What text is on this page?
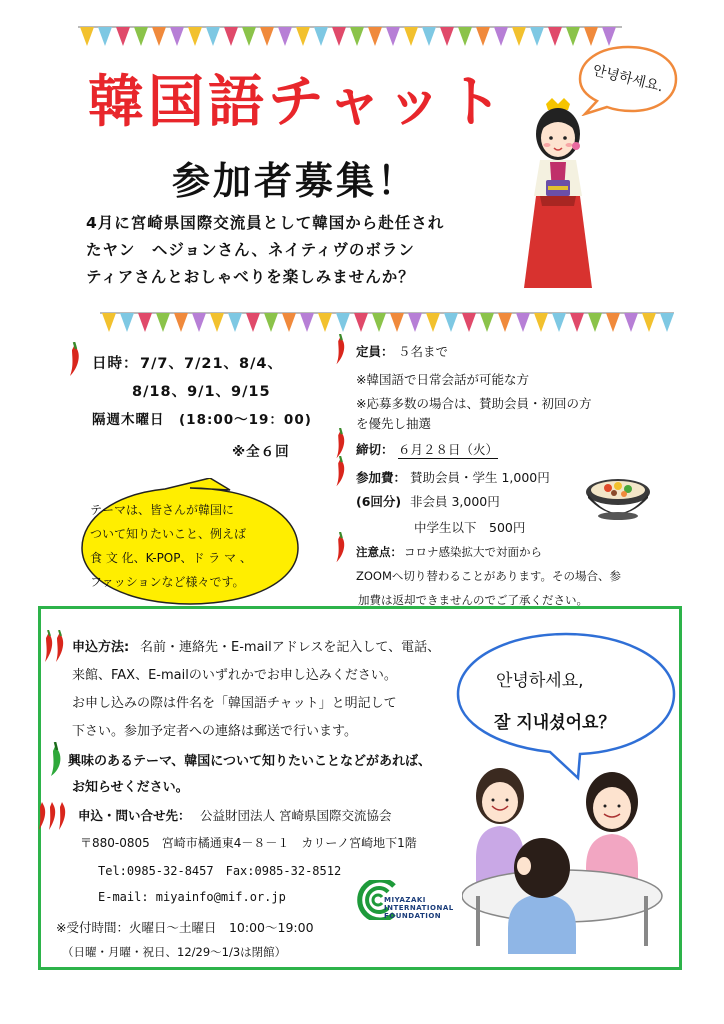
韓国語チャット
参加者募集！
4月に宮崎県国際交流員として韓国から赴任され
たヤン　ヘジョンさん、ネイティヴのボラン
ティアさんとおしゃべりを楽しみませんか？
안녕하세요.
日時： 7/7、7/21、8/4、
8/18、9/1、9/15
隔週木曜日　(18:00～19：00)
※全６回
テーマは、皆さんが韓国に
ついて知りたいこと、例えば
食 文 化、K-POP、ド ラ マ 、
ファッションなど様々です。
定員： ５名まで
※韓国語で日常会話が可能な方
※応募多数の場合は、賛助会員・初回の方
を優先し抽選
締切： ６月２８日（火）
参加費： 賛助会員・学生 1,000円
(6回分) 非会員 3,000円
中学生以下　500円
注意点： コロナ感染拡大で対面から
ZOOMへ切り替わることがあります。その場合、参
加費は返却できませんのでご了承ください。
申込方法: 名前・連絡先・E-mailアドレスを記入して、電話、
来館、FAX、E-mailのいずれかでお申し込みください。
お申し込みの際は件名を「韓国語チャット」と明記して
下さい。参加予定者への連絡は郵送で行います。
興味のあるテーマ、韓国について知りたいことなどがあれば、
お知らせください。
申込・問い合せ先： 公益財団法人 宮崎県国際交流協会
〒880-0805　宮崎市橘通東4－８－１　カリーノ宮崎地下1階
Tel:0985-32-8457　Fax:0985-32-8512
E-mail: miyainfo@mif.or.jp
※受付時間：火曜日～土曜日　10:00～19:00
（日曜・月曜・祝日、12/29～1/3は閉館）
MIYAZAKI
INTERNATIONAL
FOUNDATION
안녕하세요,
잘 지내셨어요？
